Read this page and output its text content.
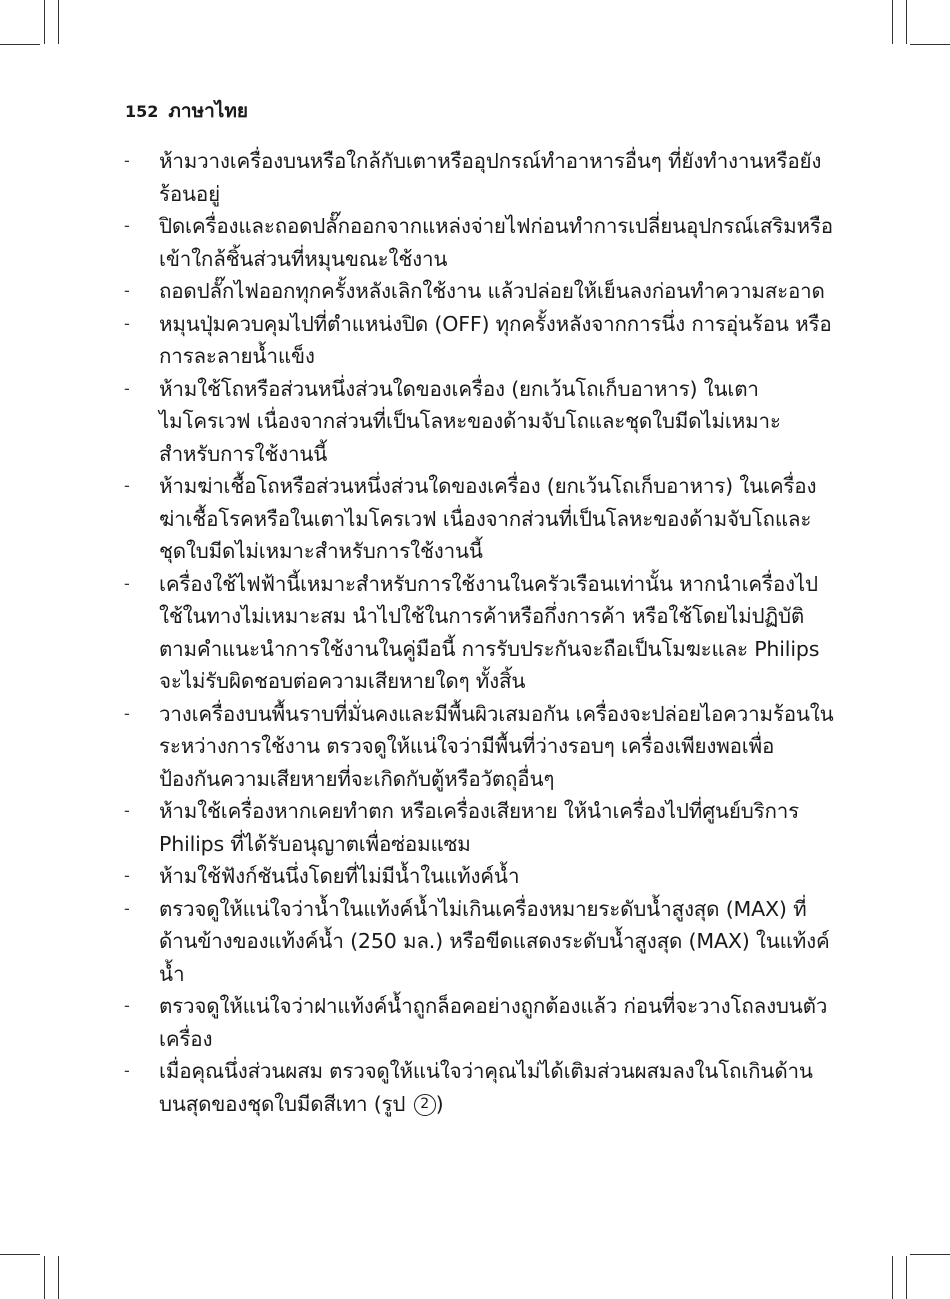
152 ภาษาไทย
- ห้ามวางเครื่องบนหรือใกล้กับเตาหรืออุปกรณ์ทำอาหารอื่นๆ ที่ยังทำงานหรือยังร้อนอยู่
- ปิดเครื่องและถอดปลั๊กออกจากแหล่งจ่ายไฟก่อนทำการเปลี่ยนอุปกรณ์เสริมหรือเข้าใกล้ชิ้นส่วนที่หมุนขณะใช้งาน
- ถอดปลั๊กไฟออกทุกครั้งหลังเลิกใช้งาน แล้วปล่อยให้เย็นลงก่อนทำความสะอาด
- หมุนปุ่มควบคุมไปที่ตำแหน่งปิด (OFF) ทุกครั้งหลังจากการนึ่ง การอุ่นร้อน หรือการละลายน้ำแข็ง
- ห้ามใช้โถหรือส่วนหนึ่งส่วนใดของเครื่อง (ยกเว้นโถเก็บอาหาร) ในเตาไมโครเวฟ เนื่องจากส่วนที่เป็นโลหะของด้ามจับโถและชุดใบมีดไม่เหมาะสำหรับการใช้งานนี้
- ห้ามฆ่าเชื้อโถหรือส่วนหนึ่งส่วนใดของเครื่อง (ยกเว้นโถเก็บอาหาร) ในเครื่องฆ่าเชื้อโรคหรือในเตาไมโครเวฟ เนื่องจากส่วนที่เป็นโลหะของด้ามจับโถและชุดใบมีดไม่เหมาะสำหรับการใช้งานนี้
- เครื่องใช้ไฟฟ้านี้เหมาะสำหรับการใช้งานในครัวเรือนเท่านั้น หากนำเครื่องไปใช้ในทางไม่เหมาะสม นำไปใช้ในการค้าหรือกึ่งการค้า หรือใช้โดยไม่ปฏิบัติตามคำแนะนำการใช้งานในคู่มือนี้ การรับประกันจะถือเป็นโมฆะและ Philips จะไม่รับผิดชอบต่อความเสียหายใดๆ ทั้งสิ้น
- วางเครื่องบนพื้นราบที่มั่นคงและมีพื้นผิวเสมอกัน เครื่องจะปล่อยไอความร้อนในระหว่างการใช้งาน ตรวจดูให้แน่ใจว่ามีพื้นที่ว่างรอบๆ เครื่องเพียงพอเพื่อป้องกันความเสียหายที่จะเกิดกับตู้หรือวัตถุอื่นๆ
- ห้ามใช้เครื่องหากเคยทำตก หรือเครื่องเสียหาย ให้นำเครื่องไปที่ศูนย์บริการ Philips ที่ได้รับอนุญาตเพื่อซ่อมแซม
- ห้ามใช้ฟังก์ชันนึ่งโดยที่ไม่มีน้ำในแท้งค์น้ำ
- ตรวจดูให้แน่ใจว่าน้ำในแท้งค์น้ำไม่เกินเครื่องหมายระดับน้ำสูงสุด (MAX) ที่ด้านข้างของแท้งค์น้ำ (250 มล.) หรือขีดแสดงระดับน้ำสูงสุด (MAX) ในแท้งค์น้ำ
- ตรวจดูให้แน่ใจว่าฝาแท้งค์น้ำถูกล็อคอย่างถูกต้องแล้ว ก่อนที่จะวางโถลงบนตัวเครื่อง
- เมื่อคุณนึ่งส่วนผสม ตรวจดูให้แน่ใจว่าคุณไม่ได้เติมส่วนผสมลงในโถเกินด้านบนสุดของชุดใบมีดสีเทา (รูป 2 )
